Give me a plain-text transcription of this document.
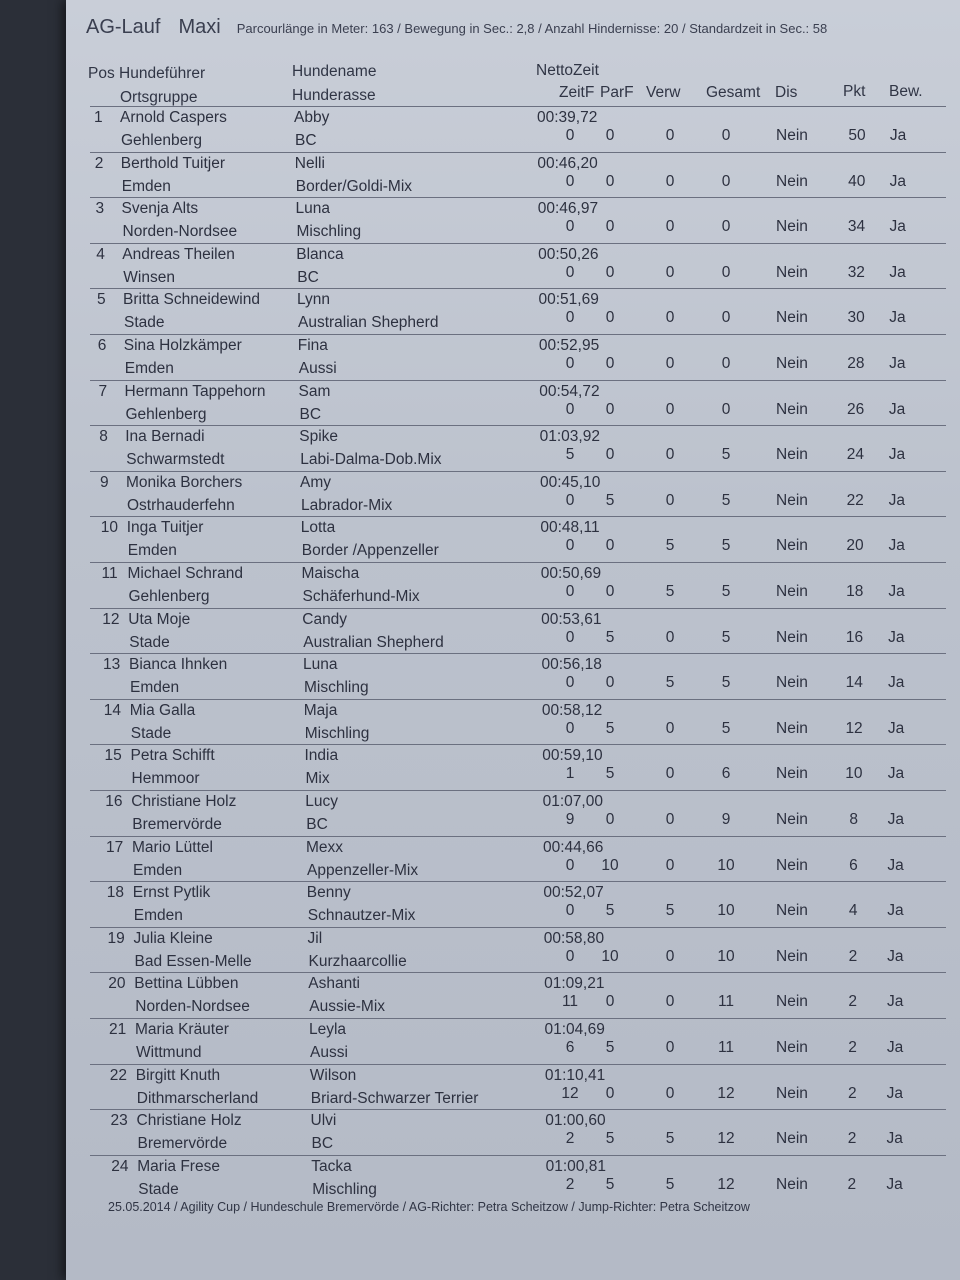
AG-Lauf Maxi Parcourlänge in Meter: 163 / Bewegung in Sec.: 2,8 / Anzahl Hindernisse: 20 / Standardzeit in Sec.: 58
Pos Hundeführer
Ortsgruppe
Hundename
Hunderasse
NettoZeit
ZeitF ParF Verw Gesamt Dis	Pkt Bew.
1 Arnold Caspers
Gehlenberg
Abby
BC
00:39,72
0	0	0	0	Nein	50	Ja
2 Berthold Tuitjer
Emden
Nelli
Border/Goldi-Mix
00:46,20
0	0	0	0	Nein	40	Ja
3 Svenja Alts
Norden-Nordsee
Luna
Mischling
00:46,97
0	0	0	0	Nein	34	Ja
4 Andreas Theilen
Winsen
Blanca
BC
00:50,26
0	0	0	0	Nein	32	Ja
5 Britta Schneidewind
Stade
Lynn
Australian Shepherd
00:51,69
0	0	0	0	Nein	30	Ja
6 Sina Holzkämper
Emden
Fina
Aussi
00:52,95
0	0	0	0	Nein	28	Ja
7 Hermann Tappehorn
Gehlenberg
Sam
BC
00:54,72
0	0	0	0	Nein	26	Ja
8 Ina Bernadi
Schwarmstedt
Spike
Labi-Dalma-Dob.Mix
01:03,92
5	0	0	5	Nein	24	Ja
9 Monika Borchers
Ostrhauderfehn
Amy
Labrador-Mix
00:45,10
0	5	0	5	Nein	22	Ja
10 Inga Tuitjer
Emden
Lotta
Border /Appenzeller
00:48,11
0	0	5	5	Nein	20	Ja
11 Michael Schrand
Gehlenberg
Maischa
Schäferhund-Mix
00:50,69
0	0	5	5	Nein	18	Ja
12 Uta Moje
Stade
Candy
Australian Shepherd
00:53,61
0	5	0	5	Nein	16	Ja
13 Bianca Ihnken
Emden
Luna
Mischling
00:56,18
0	0	5	5	Nein	14	Ja
14 Mia Galla
Stade
Maja
Mischling
00:58,12
0	5	0	5	Nein	12	Ja
15 Petra Schifft
Hemmoor
India
Mix
00:59,10
1	5	0	6	Nein	10	Ja
16 Christiane Holz
Bremervörde
Lucy
BC
01:07,00
9	0	0	9	Nein	8	Ja
17 Mario Lüttel
Emden
Mexx
Appenzeller-Mix
00:44,66
0	10	0	10	Nein	6	Ja
18 Ernst Pytlik
Emden
Benny
Schnautzer-Mix
00:52,07
0	5	5	10	Nein	4	Ja
19 Julia Kleine
Bad Essen-Melle
Jil
Kurzhaarcollie
00:58,80
0	10	0	10	Nein	2	Ja
20 Bettina Lübben
Norden-Nordsee
Ashanti
Aussie-Mix
01:09,21
11	0	0	11	Nein	2	Ja
21 Maria Kräuter
Wittmund
Leyla
Aussi
01:04,69
6	5	0	11	Nein	2	Ja
22 Birgitt Knuth
Dithmarscherland
Wilson
Briard-Schwarzer Terrier
01:10,41
12	0	0	12	Nein	2	Ja
23 Christiane Holz
Bremervörde
Ulvi
BC
01:00,60
2	5	5	12	Nein	2	Ja
24 Maria Frese
Stade
Tacka
Mischling
01:00,81
2	5	5	12	Nein	2	Ja
25.05.2014 / Agility Cup / Hundeschule Bremervörde / AG-Richter: Petra Scheitzow / Jump-Richter: Petra Scheitzow
